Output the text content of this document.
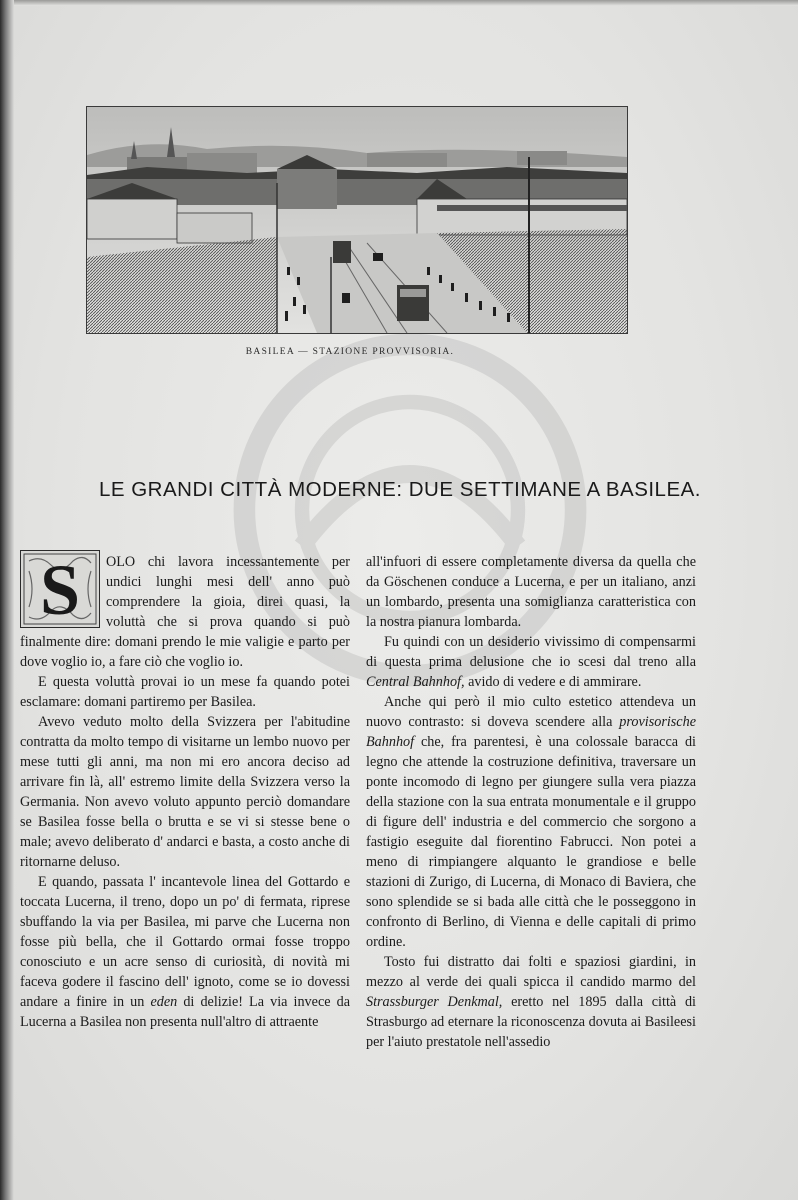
BASILEA — STAZIONE PROVVISORIA.
LE GRANDI CITTÀ MODERNE: DUE SETTIMANE A BASILEA.

S	OLO chi lavora incessantemente per undici lunghi mesi dell' anno può comprendere la gioia, direi quasi, la voluttà che si prova quando si può finalmente dire: domani prendo le mie valigie e parto per dove voglio io, a fare ciò che voglio io.

E questa voluttà provai io un mese fa quando potei esclamare: domani partiremo per Basilea.

Avevo veduto molto della Svizzera per l'abitudine contratta da molto tempo di visitarne un lembo nuovo per mese tutti gli anni, ma non mi ero ancora deciso ad arrivare fin là, all' estremo limite della Svizzera verso la Germania. Non avevo voluto appunto perciò domandare se Basilea fosse bella o brutta e se vi si stesse bene o male; avevo deliberato d' andarci e basta, a costo anche di ritornarne deluso.

E quando, passata l' incantevole linea del Gottardo e toccata Lucerna, il treno, dopo un po' di fermata, riprese sbuffando la via per Basilea, mi parve che Lucerna non fosse più bella, che il Gottardo ormai fosse troppo conosciuto e un acre senso di curiosità, di novità mi faceva godere il fascino dell' ignoto, come se io dovessi andare a finire in un eden di delizie! La via invece da Lucerna a Basilea non presenta null'altro di attraente

all'infuori di essere completamente diversa da quella che da Göschenen conduce a Lucerna, e per un italiano, anzi un lombardo, presenta una somiglianza caratteristica con la nostra pianura lombarda.

Fu quindi con un desiderio vivissimo di compensarmi di questa prima delusione che io scesi dal treno alla Central Bahnhof, avido di vedere e di ammirare.

Anche qui però il mio culto estetico attendeva un nuovo contrasto: si doveva scendere alla provisorische Bahnhof che, fra parentesi, è una colossale baracca di legno che attende la costruzione definitiva, traversare un ponte incomodo di legno per giungere sulla vera piazza della stazione con la sua entrata monumentale e il gruppo di figure dell' industria e del commercio che sorgono a fastigio eseguite dal fiorentino Fabrucci. Non potei a meno di rimpiangere alquanto le grandiose e belle stazioni di Zurigo, di Lucerna, di Monaco di Baviera, che sono splendide se si bada alle città che le posseggono in confronto di Berlino, di Vienna e delle capitali di primo ordine.

Tosto fui distratto dai folti e spaziosi giardini, in mezzo al verde dei quali spicca il candido marmo del Strassburger Denkmal, eretto nel 1895 dalla città di Strasburgo ad eternare la riconoscenza dovuta ai Basileesi per l'aiuto prestatole nell'assedio
